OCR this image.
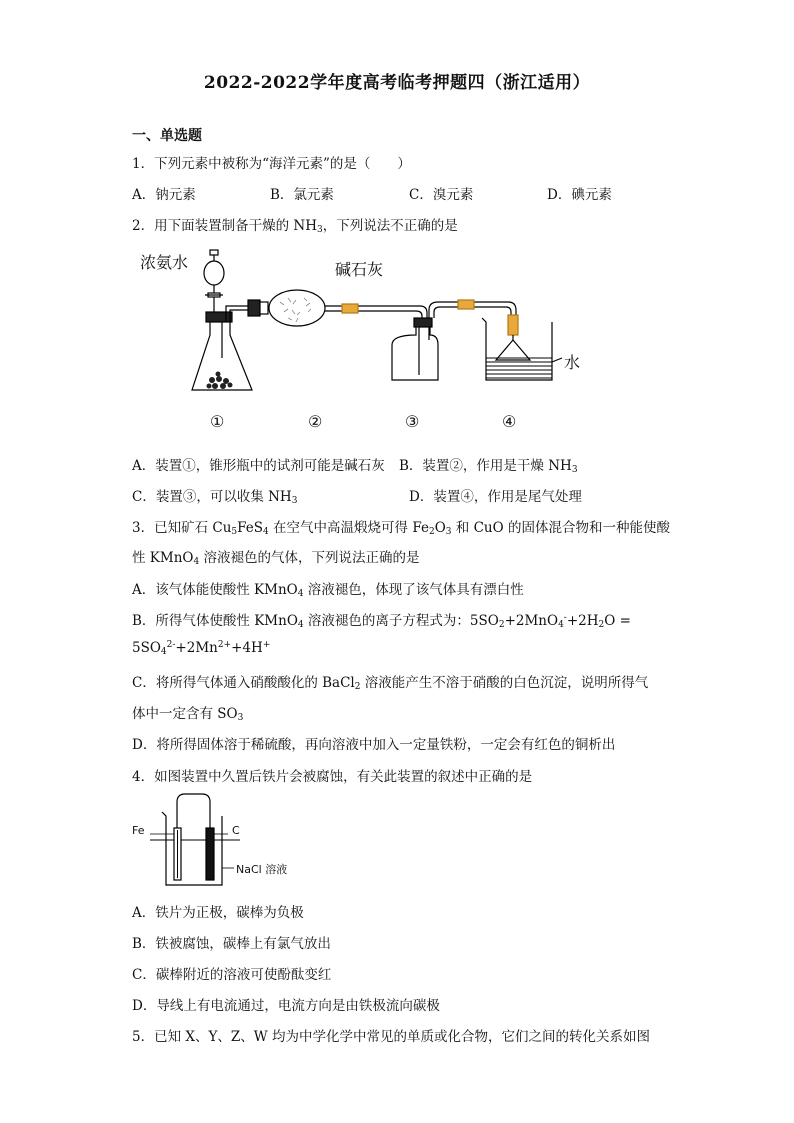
2022-2022学年度高考临考押题四（浙江适用）
一、单选题
1．下列元素中被称为“海洋元素”的是（　　）
A．钠元素	B．氯元素	C．溴元素	D．碘元素
2．用下面装置制备干燥的 $NH_3$，下列说法不正确的是
浓氨水	碱石灰
水
①	②	③	④
A．装置①，锥形瓶中的试剂可能是碱石灰 B．装置②，作用是干燥 $NH_3$
C．装置③，可以收集 $NH_3$	D．装置④，作用是尾气处理
3．已知矿石 $Cu_5FeS_4$ 在空气中高温煅烧可得 $Fe_2O_3$ 和 CuO 的固体混合物和一种能使酸
性 KMnO$_4$ 溶液褪色的气体，下列说法正确的是
A．该气体能使酸性 KMnO$_4$ 溶液褪色，体现了该气体具有漂白性
B．所得气体使酸性 KMnO$_4$ 溶液褪色的离子方程式为：$5SO_2+2MnO_4^-+2H_2O$ =
$5SO_4^{2-}+2Mn^{2+}+4H^+$
C．将所得气体通入硝酸酸化的 BaCl$_2$ 溶液能产生不溶于硝酸的白色沉淀，说明所得气
体中一定含有 $SO_3$
D．将所得固体溶于稀硫酸，再向溶液中加入一定量铁粉，一定会有红色的铜析出
4．如图装置中久置后铁片会被腐蚀，有关此装置的叙述中正确的是
Fe	C
NaCl 溶液
A．铁片为正极，碳棒为负极
B．铁被腐蚀，碳棒上有氯气放出
C．碳棒附近的溶液可使酚酞变红
D．导线上有电流通过，电流方向是由铁极流向碳极
5．已知 X、Y、Z、W 均为中学化学中常见的单质或化合物，它们之间的转化关系如图
